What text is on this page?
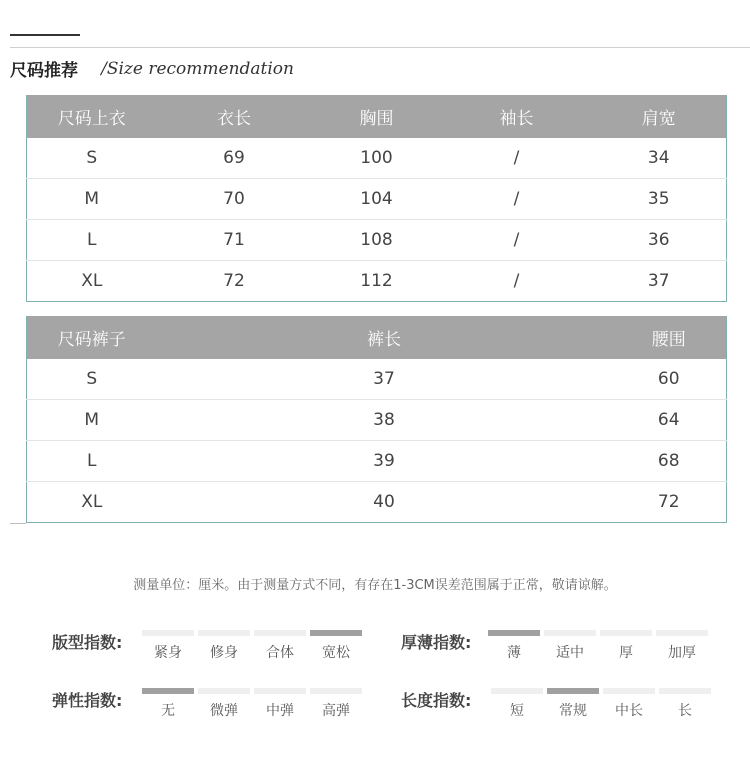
尺码推荐 /Size recommendation
尺码上衣	衣长	胸围	袖长	肩宽
S	69	100	/	34
M	70	104	/	35
L	71	108	/	36
XL	72	112	/	37
尺码裤子	裤长	腰围
S	37	60
M	38	64
L	39	68
XL	40	72
测量单位：厘米。由于测量方式不同，有存在1-3CM误差范围属于正常，敬请谅解。
版型指数:
紧身	修身	合体	宽松
厚薄指数:
薄	适中	厚	加厚
弹性指数:
无	微弹	中弹	高弹
长度指数:
短	常规	中长	长
